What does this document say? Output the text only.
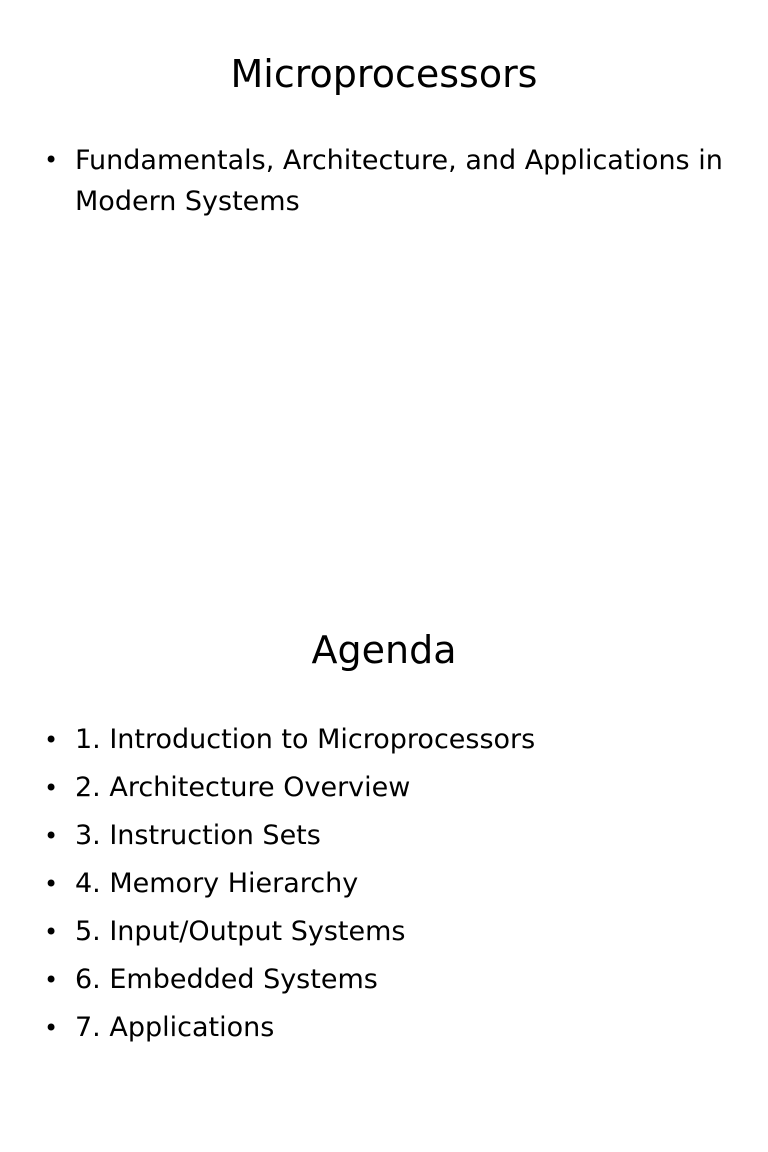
Microprocessors
• Fundamentals, Architecture, and Applications in Modern Systems
Agenda
• 1. Introduction to Microprocessors
• 2. Architecture Overview
• 3. Instruction Sets
• 4. Memory Hierarchy
• 5. Input/Output Systems
• 6. Embedded Systems
• 7. Applications
